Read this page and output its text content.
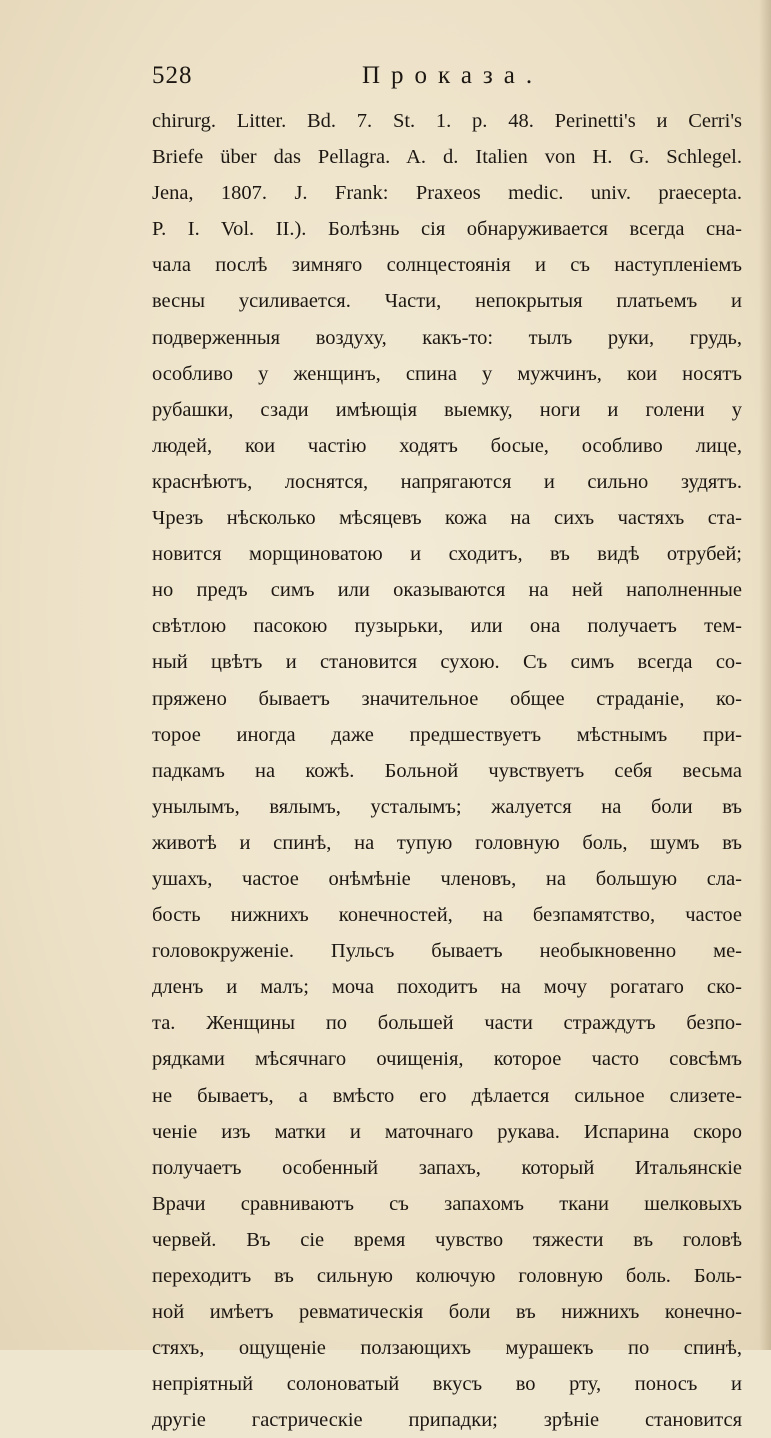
528	Проказа.
chirurg. Litter. Bd. 7. St. 1. p. 48. Perinetti's и Cerri's
Briefe über das Pellagra. A. d. Italien von H. G. Schlegel.
Jena, 1807. J. Frank: Praxeos medic. univ. praecepta.
P. I. Vol. II.). Болѣзнь сія обнаруживается всегда сна-
чала послѣ зимняго солнцестоянія и съ наступленіемъ
весны усиливается. Части, непокрытыя платьемъ и
подверженныя воздуху, какъ-то: тылъ руки, грудь,
особливо у женщинъ, спина у мужчинъ, кои носятъ
рубашки, сзади имѣющія выемку, ноги и голени у
людей, кои частію ходятъ босые, особливо лице,
краснѣютъ, лоснятся, напрягаются и сильно зудятъ.
Чрезъ нѣсколько мѣсяцевъ кожа на сихъ частяхъ ста-
новится морщиноватою и сходитъ, въ видѣ отрубей;
но предъ симъ или оказываются на ней наполненные
свѣтлою пасокою пузырьки, или она получаетъ тем-
ный цвѣтъ и становится сухою. Съ симъ всегда со-
пряжено бываетъ значительное общее страданіе, ко-
торое иногда даже предшествуетъ мѣстнымъ при-
падкамъ на кожѣ. Больной чувствуетъ себя весьма
унылымъ, вялымъ, усталымъ; жалуется на боли въ
животѣ и спинѣ, на тупую головную боль, шумъ въ
ушахъ, частое онѣмѣніе членовъ, на большую сла-
бость нижнихъ конечностей, на безпамятство, частое
головокруженіе. Пульсъ бываетъ необыкновенно ме-
дленъ и малъ; моча походитъ на мочу рогатаго ско-
та. Женщины по большей части страждутъ безпо-
рядками мѣсячнаго очищенія, которое часто совсѣмъ
не бываетъ, а вмѣсто его дѣлается сильное слизете-
ченіе изъ матки и маточнаго рукава. Испарина скоро
получаетъ особенный запахъ, который Итальянскіе
Врачи сравниваютъ съ запахомъ ткани шелковыхъ
червей. Въ сіе время чувство тяжести въ головѣ
переходитъ въ сильную колючую головную боль. Боль-
ной имѣетъ ревматическія боли въ нижнихъ конечно-
стяхъ, ощущеніе ползающихъ мурашекъ по спинѣ,
непріятный солоноватый вкусъ во рту, поносъ и
другіе гастрическіе припадки; зрѣніе становится
